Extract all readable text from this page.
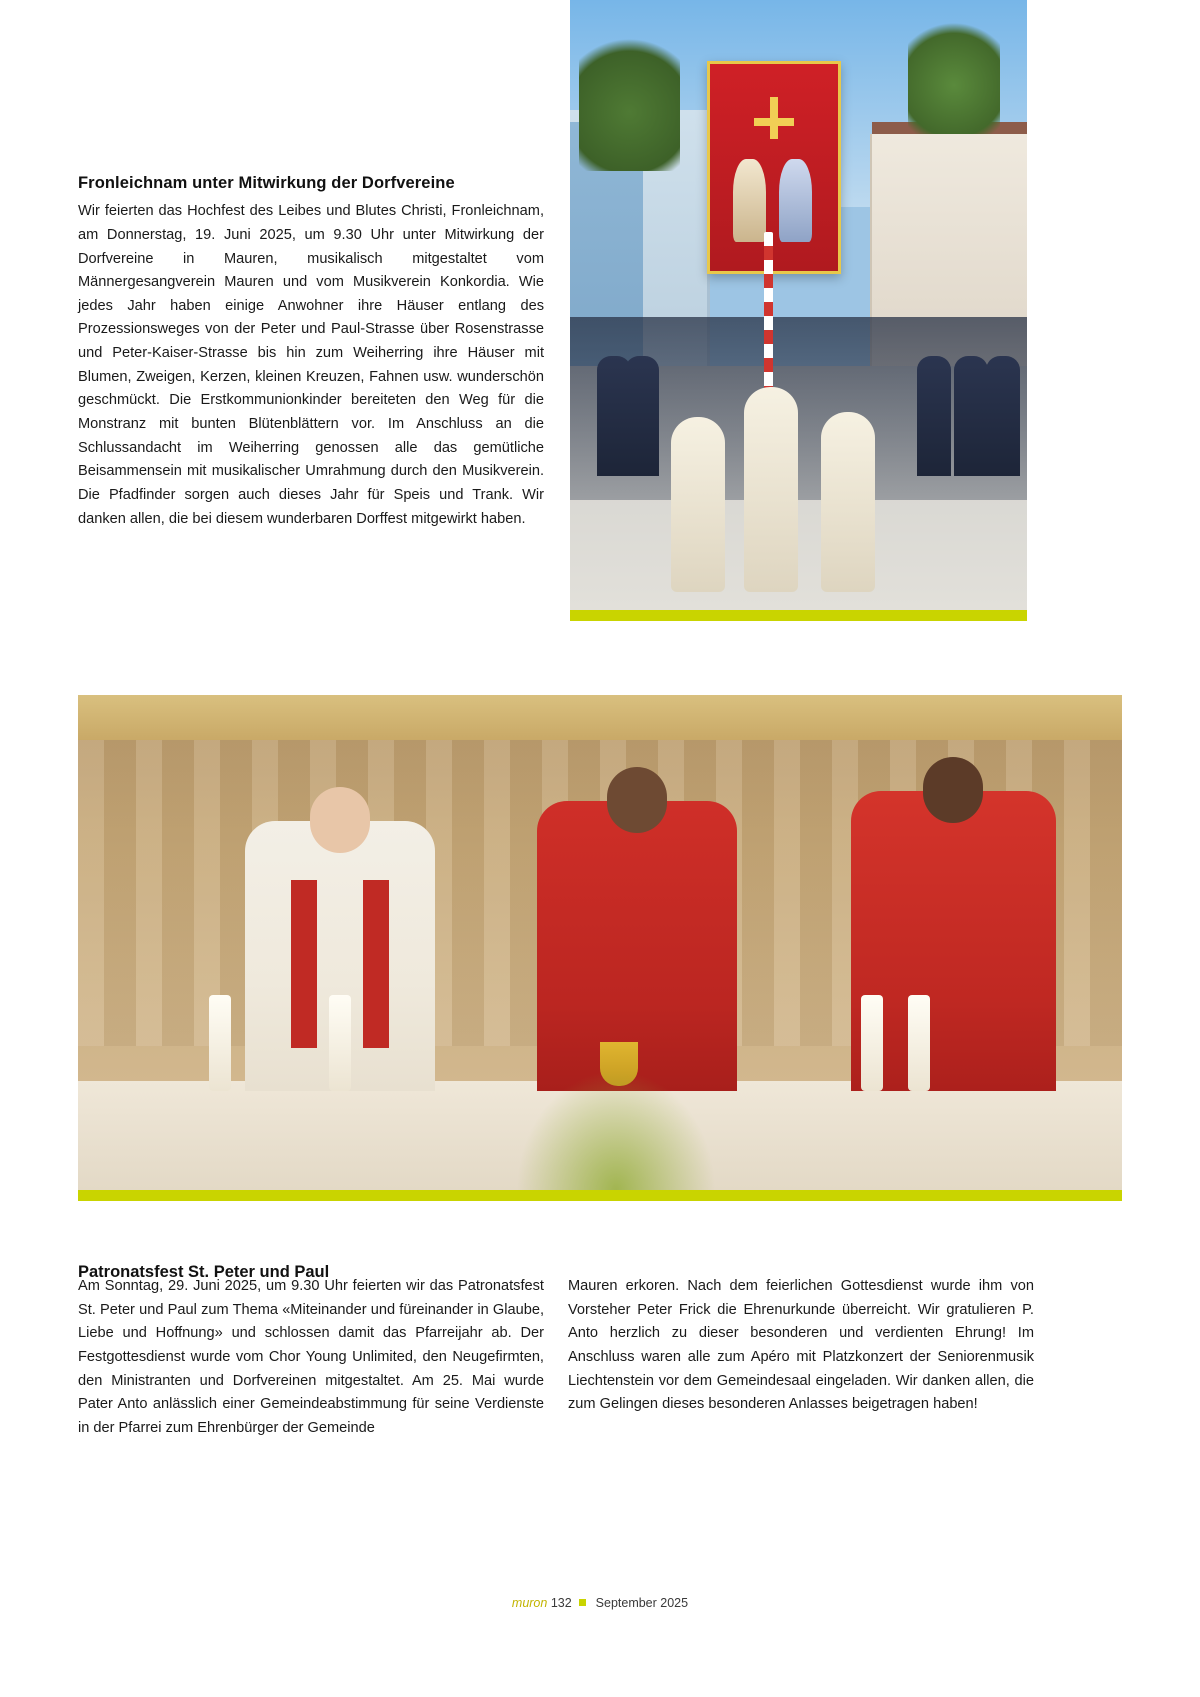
Fronleichnam unter Mitwirkung der Dorfvereine

Wir feierten das Hochfest des Leibes und Blutes Christi, Fronleichnam, am Donnerstag, 19. Juni 2025, um 9.30 Uhr unter Mitwirkung der Dorfvereine in Mauren, musikalisch mitgestaltet vom Männergesangverein Mauren und vom Musikverein Konkordia. Wie jedes Jahr haben einige Anwohner ihre Häuser entlang des Prozessionsweges von der Peter und Paul-Strasse über Rosenstrasse und Peter-Kaiser-Strasse bis hin zum Weiherring ihre Häuser mit Blumen, Zweigen, Kerzen, kleinen Kreuzen, Fahnen usw. wunderschön geschmückt. Die Erstkommunionkinder bereiteten den Weg für die Monstranz mit bunten Blütenblättern vor. Im Anschluss an die Schlussandacht im Weiherring genossen alle das gemütliche Beisammensein mit musikalischer Umrahmung durch den Musikverein. Die Pfadfinder sorgen auch dieses Jahr für Speis und Trank. Wir danken allen, die bei diesem wunderbaren Dorffest mitgewirkt haben.

Patronatsfest St. Peter und Paul

Am Sonntag, 29. Juni 2025, um 9.30 Uhr feierten wir das Patronatsfest St. Peter und Paul zum Thema «Miteinander und füreinander in Glaube, Liebe und Hoffnung» und schlossen damit das Pfarreijahr ab. Der Festgottesdienst wurde vom Chor Young Unlimited, den Neugefirmten, den Ministranten und Dorfvereinen mitgestaltet. Am 25. Mai wurde Pater Anto anlässlich einer Gemeindeabstimmung für seine Verdienste in der Pfarrei zum Ehrenbürger der Gemeinde

Mauren erkoren. Nach dem feierlichen Gottesdienst wurde ihm von Vorsteher Peter Frick die Ehrenurkunde überreicht. Wir gratulieren P. Anto herzlich zu dieser besonderen und verdienten Ehrung! Im Anschluss waren alle zum Apéro mit Platzkonzert der Seniorenmusik Liechtenstein vor dem Gemeindesaal eingeladen. Wir danken allen, die zum Gelingen dieses besonderen Anlasses beigetragen haben!

muron 132 September 2025
